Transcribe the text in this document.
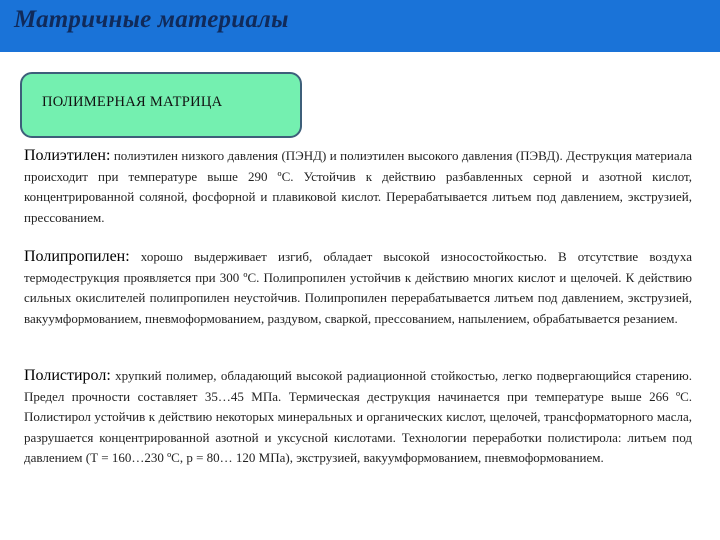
Матричные материалы
ПОЛИМЕРНАЯ МАТРИЦА
Полиэтилен: полиэтилен низкого давления (ПЭНД) и полиэтилен высокого давления (ПЭВД). Деструкция материала происходит при температуре выше 290 ºС. Устойчив к действию разбавленных серной и азотной кислот, концентрированной соляной, фосфорной и плавиковой кислот. Перерабатывается литьем под давлением, экструзией, прессованием.
Полипропилен: хорошо выдерживает изгиб, обладает высокой износостойкостью. В отсутствие воздуха термодеструкция проявляется при 300 ºС. Полипропилен устойчив к действию многих кислот и щелочей. К действию сильных окислителей полипропилен неустойчив. Полипропилен перерабатывается литьем под давлением, экструзией, вакуумформованием, пневмоформованием, раздувом, сваркой, прессованием, напылением, обрабатывается резанием.
Полистирол: хрупкий полимер, обладающий высокой радиационной стойкостью, легко подвергающийся старению. Предел прочности составляет 35…45 МПа. Термическая деструкция начинается при температуре выше 266 ºС. Полистирол устойчив к действию некоторых минеральных и органических кислот, щелочей, трансформаторного масла, разрушается концентрированной азотной и уксусной кислотами. Технологии переработки полистирола: литьем под давлением (Т = 160…230 ºС, р = 80… 120 МПа), экструзией, вакуумформованием, пневмоформованием.
